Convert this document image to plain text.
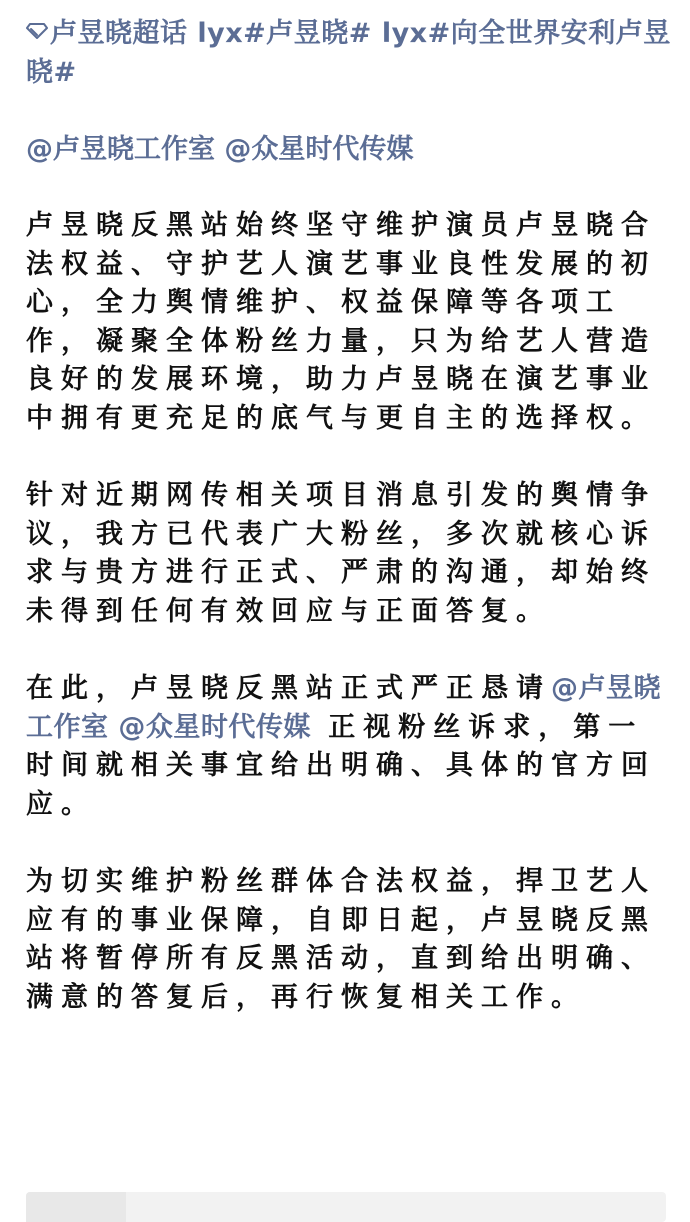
卢昱晓超话 lyx#卢昱晓# lyx#向全世界安利卢昱晓#
@卢昱晓工作室 @众星时代传媒
卢昱晓反黑站始终坚守维护演员卢昱晓合法权益、守护艺人演艺事业良性发展的初心，全力舆情维护、权益保障等各项工作，凝聚全体粉丝力量，只为给艺人营造良好的发展环境，助力卢昱晓在演艺事业中拥有更充足的底气与更自主的选择权。
针对近期网传相关项目消息引发的舆情争议，我方已代表广大粉丝，多次就核心诉求与贵方进行正式、严肃的沟通，却始终未得到任何有效回应与正面答复。
在此，卢昱晓反黑站正式严正恳请@卢昱晓工作室 @众星时代传媒 正视粉丝诉求，第一时间就相关事宜给出明确、具体的官方回应。
为切实维护粉丝群体合法权益，捍卫艺人应有的事业保障，自即日起，卢昱晓反黑站将暂停所有反黑活动，直到给出明确、满意的答复后，再行恢复相关工作。
